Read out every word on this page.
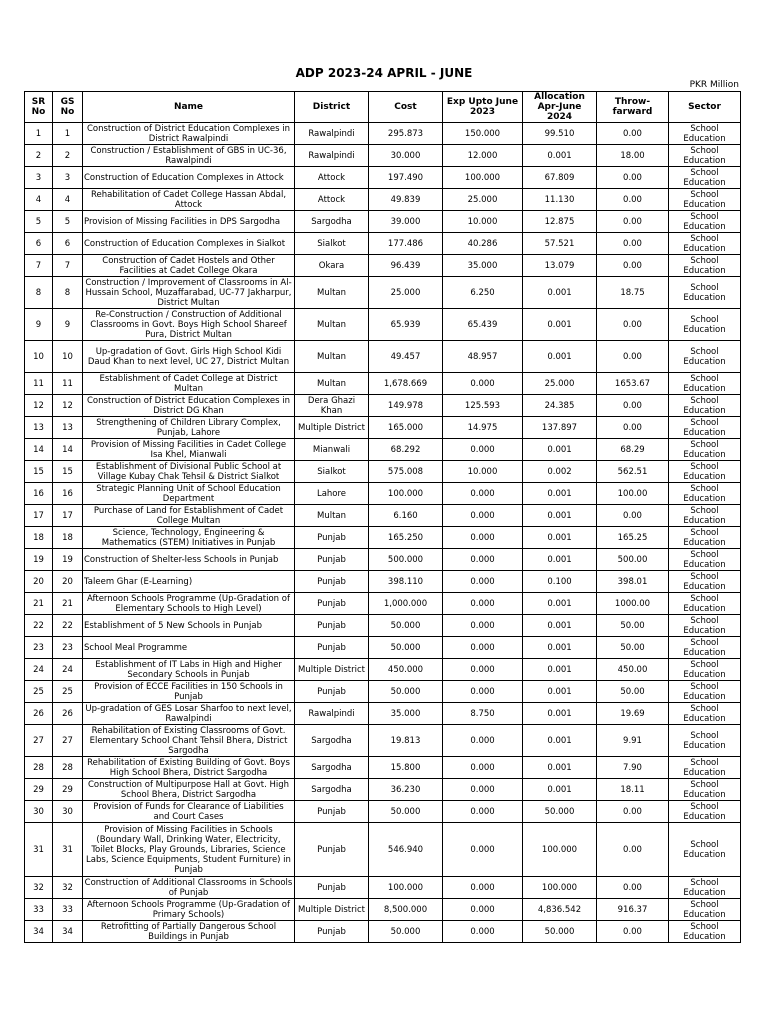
ADP 2023-24 APRIL - JUNE
PKR Million
SR No	GS No	Name	District	Cost	Exp Upto June 2023	Allocation Apr-June 2024	Throw-farward	Sector

1	1	Construction of District Education Complexes in District Rawalpindi	Rawalpindi	295.873	150.000	99.510	0.00	School Education

2	2	Construction / Establishment of GBS in UC-36, Rawalpindi	Rawalpindi	30.000	12.000	0.001	18.00	School Education

3	3	Construction of Education Complexes in Attock	Attock	197.490	100.000	67.809	0.00	School Education

4	4	Rehabilitation of Cadet College Hassan Abdal, Attock	Attock	49.839	25.000	11.130	0.00	School Education

5	5	Provision of Missing Facilities in DPS Sargodha	Sargodha	39.000	10.000	12.875	0.00	School Education

6	6	Construction of Education Complexes in Sialkot	Sialkot	177.486	40.286	57.521	0.00	School Education

7	7	Construction of Cadet Hostels and Other Facilities at Cadet College Okara	Okara	96.439	35.000	13.079	0.00	School Education

8	8	Construction / Improvement of Classrooms in Al-Hussain School, Muzaffarabad, UC-77 Jakharpur, District Multan	Multan	25.000	6.250	0.001	18.75	School Education

9	9	Re-Construction / Construction of Additional Classrooms in Govt. Boys High School Shareef Pura, District Multan	Multan	65.939	65.439	0.001	0.00	School Education

10	10	Up-gradation of Govt. Girls High School Kidi Daud Khan to next level, UC 27, District Multan	Multan	49.457	48.957	0.001	0.00	School Education

11	11	Establishment of Cadet College at District Multan	Multan	1,678.669	0.000	25.000	1653.67	School Education

12	12	Construction of District Education Complexes in District DG Khan	Dera Ghazi Khan	149.978	125.593	24.385	0.00	School Education

13	13	Strengthening of Children Library Complex, Punjab, Lahore	Multiple District	165.000	14.975	137.897	0.00	School Education

14	14	Provision of Missing Facilities in Cadet College Isa Khel, Mianwali	Mianwali	68.292	0.000	0.001	68.29	School Education

15	15	Establishment of Divisional Public School at Village Kubay Chak Tehsil & District Sialkot	Sialkot	575.008	10.000	0.002	562.51	School Education

16	16	Strategic Planning Unit of School Education Department	Lahore	100.000	0.000	0.001	100.00	School Education

17	17	Purchase of Land for Establishment of Cadet College Multan	Multan	6.160	0.000	0.001	0.00	School Education

18	18	Science, Technology, Engineering & Mathematics (STEM) Initiatives in Punjab	Punjab	165.250	0.000	0.001	165.25	School Education

19	19	Construction of Shelter-less Schools in Punjab	Punjab	500.000	0.000	0.001	500.00	School Education

20	20	Taleem Ghar (E-Learning)	Punjab	398.110	0.000	0.100	398.01	School Education

21	21	Afternoon Schools Programme (Up-Gradation of Elementary Schools to High Level)	Punjab	1,000.000	0.000	0.001	1000.00	School Education

22	22	Establishment of 5 New Schools in Punjab	Punjab	50.000	0.000	0.001	50.00	School Education

23	23	School Meal Programme	Punjab	50.000	0.000	0.001	50.00	School Education

24	24	Establishment of IT Labs in High and Higher Secondary Schools in Punjab	Multiple District	450.000	0.000	0.001	450.00	School Education

25	25	Provision of ECCE Facilities in 150 Schools in Punjab	Punjab	50.000	0.000	0.001	50.00	School Education

26	26	Up-gradation of GES Losar Sharfoo to next level, Rawalpindi	Rawalpindi	35.000	8.750	0.001	19.69	School Education

27	27	Rehabilitation of Existing Classrooms of Govt. Elementary School Chant Tehsil Bhera, District Sargodha	Sargodha	19.813	0.000	0.001	9.91	School Education

28	28	Rehabilitation of Existing Building of Govt. Boys High School Bhera, District Sargodha	Sargodha	15.800	0.000	0.001	7.90	School Education

29	29	Construction of Multipurpose Hall at Govt. High School Bhera, District Sargodha	Sargodha	36.230	0.000	0.001	18.11	School Education

30	30	Provision of Funds for Clearance of Liabilities and Court Cases	Punjab	50.000	0.000	50.000	0.00	School Education

31	31	Provision of Missing Facilities in Schools (Boundary Wall, Drinking Water, Electricity, Toilet Blocks, Play Grounds, Libraries, Science Labs, Science Equipments, Student Furniture) in Punjab	Punjab	546.940	0.000	100.000	0.00	School Education

32	32	Construction of Additional Classrooms in Schools of Punjab	Punjab	100.000	0.000	100.000	0.00	School Education

33	33	Afternoon Schools Programme (Up-Gradation of Primary Schools)	Multiple District	8,500.000	0.000	4,836.542	916.37	School Education

34	34	Retrofitting of Partially Dangerous School Buildings in Punjab	Punjab	50.000	0.000	50.000	0.00	School Education
